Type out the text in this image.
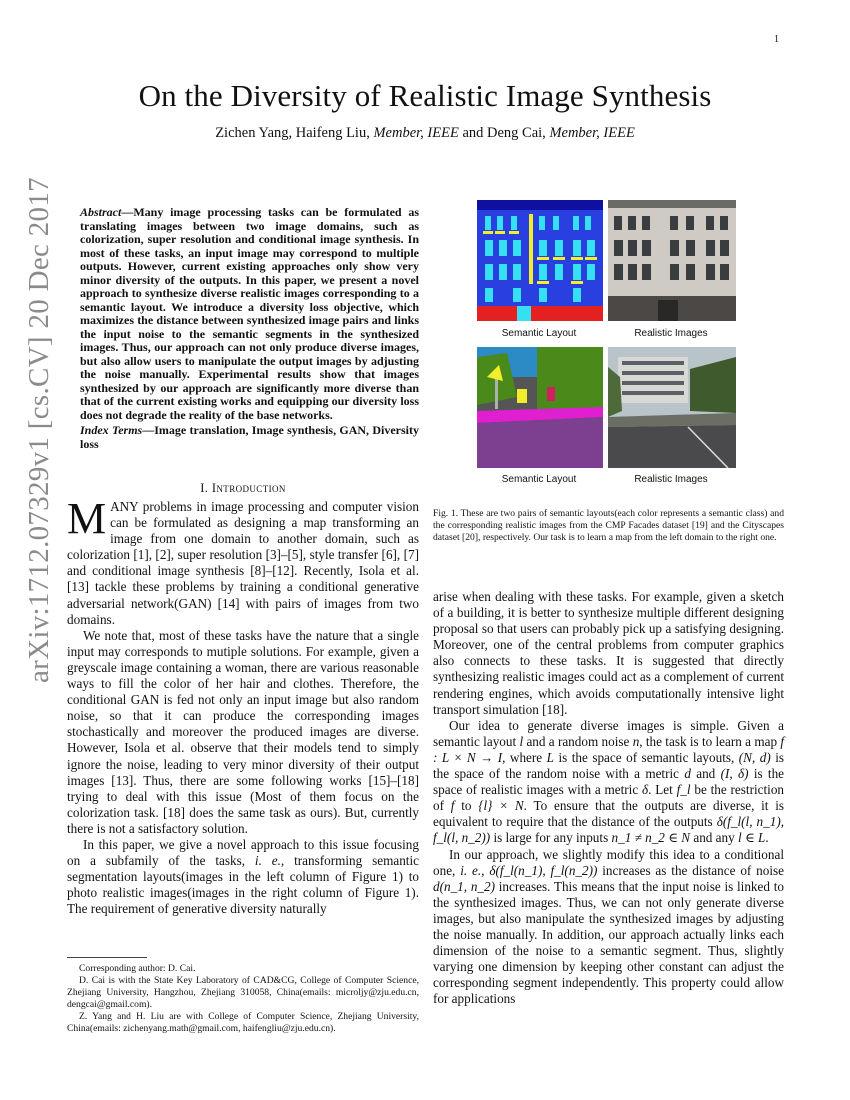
1
On the Diversity of Realistic Image Synthesis
Zichen Yang, Haifeng Liu, Member, IEEE and Deng Cai, Member, IEEE
arXiv:1712.07329v1 [cs.CV] 20 Dec 2017 Abstract—Many image processing tasks can be formulated as translating images between two image domains, such as colorization, super resolution and conditional image synthesis. In most of these tasks, an input image may correspond to multiple outputs. However, current existing approaches only show very minor diversity of the outputs. In this paper, we present a novel approach to synthesize diverse realistic images corresponding to a semantic layout. We introduce a diversity loss objective, which maximizes the distance between synthesized image pairs and links the input noise to the semantic segments in the synthesized images. Thus, our approach can not only produce diverse images, but also allow users to manipulate the output images by adjusting the noise manually. Experimental results show that images synthesized by our approach are significantly more diverse than that of the current existing works and equipping our diversity loss does not degrade the reality of the base networks.
Index Terms—Image translation, Image synthesis, GAN, Diversity loss
I. Introduction

MANY problems in image processing and computer vision can be formulated as designing a map transforming an image from one domain to another domain, such as colorization [1], [2], super resolution [3]–[5], style transfer [6], [7] and conditional image synthesis [8]–[12]. Recently, Isola et al. [13] tackle these problems by training a conditional generative adversarial network(GAN) [14] with pairs of images from two domains.

We note that, most of these tasks have the nature that a single input may corresponds to mutiple solutions. For example, given a greyscale image containing a woman, there are various reasonable ways to fill the color of her hair and clothes. Therefore, the conditional GAN is fed not only an input image but also random noise, so that it can produce the corresponding images stochastically and moreover the produced images are diverse. However, Isola et al. observe that their models tend to simply ignore the noise, leading to very minor diversity of their output images [13]. Thus, there are some following works [15]–[18] trying to deal with this issue (Most of them focus on the colorization task. [18] does the same task as ours). But, currently there is not a satisfactory solution.

In this paper, we give a novel approach to this issue focusing on a subfamily of the tasks, i. e., transforming semantic segmentation layouts(images in the left column of Figure 1) to photo realistic images(images in the right column of Figure 1). The requirement of generative diversity naturally

Corresponding author: D. Cai.

D. Cai is with the State Key Laboratory of CAD&CG, College of Computer Science, Zhejiang University, Hangzhou, Zhejiang 310058, China(emails: microljy@zju.edu.cn, dengcai@gmail.com).

Z. Yang and H. Liu are with College of Computer Science, Zhejiang University, China(emails: zichenyang.math@gmail.com, haifengliu@zju.edu.cn).

Semantic Layout	Realistic Images
Semantic Layout	Realistic Images
Fig. 1. These are two pairs of semantic layouts(each color represents a semantic class) and the corresponding realistic images from the CMP Facades dataset [19] and the Cityscapes dataset [20], respectively. Our task is to learn a map from the left domain to the right one.

arise when dealing with these tasks. For example, given a sketch of a building, it is better to synthesize multiple different designing proposal so that users can probably pick up a satisfying designing. Moreover, one of the central problems from computer graphics also connects to these tasks. It is suggested that directly synthesizing realistic images could act as a complement of current rendering engines, which avoids computationally intensive light transport simulation [18].

Our idea to generate diverse images is simple. Given a semantic layout l and a random noise n, the task is to learn a map f : L × N → I, where L is the space of semantic layouts, (N, d) is the space of the random noise with a metric d and (I, δ) is the space of realistic images with a metric δ. Let f_l be the restriction of f to {l} × N. To ensure that the outputs are diverse, it is equivalent to require that the distance of the outputs δ(f_l(l, n_1), f_l(l, n_2)) is large for any inputs n_1 ≠ n_2 ∈ N and any l ∈ L.

In our approach, we slightly modify this idea to a conditional one, i. e., δ(f_l(n_1), f_l(n_2)) increases as the distance of noise d(n_1, n_2) increases. This means that the input noise is linked to the synthesized images. Thus, we can not only generate diverse images, but also manipulate the synthesized images by adjusting the noise manually. In addition, our approach actually links each dimension of the noise to a semantic segment. Thus, slightly varying one dimension by keeping other constant can adjust the corresponding segment independently. This property could allow for applications
